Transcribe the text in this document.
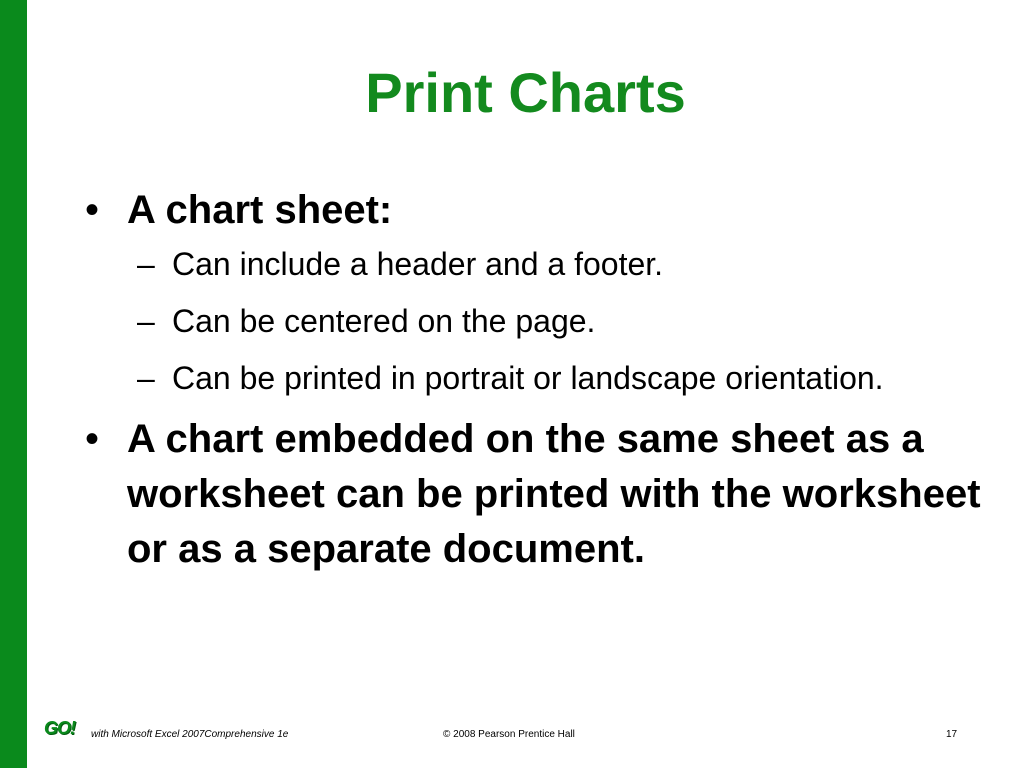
Print Charts
• A chart sheet:
– Can include a header and a footer.
– Can be centered on the page.
– Can be printed in portrait or landscape orientation.
• A chart embedded on the same sheet as a worksheet can be printed with the worksheet or as a separate document.
GO! with Microsoft Excel 2007Comprehensive 1e	© 2008 Pearson Prentice Hall	17
